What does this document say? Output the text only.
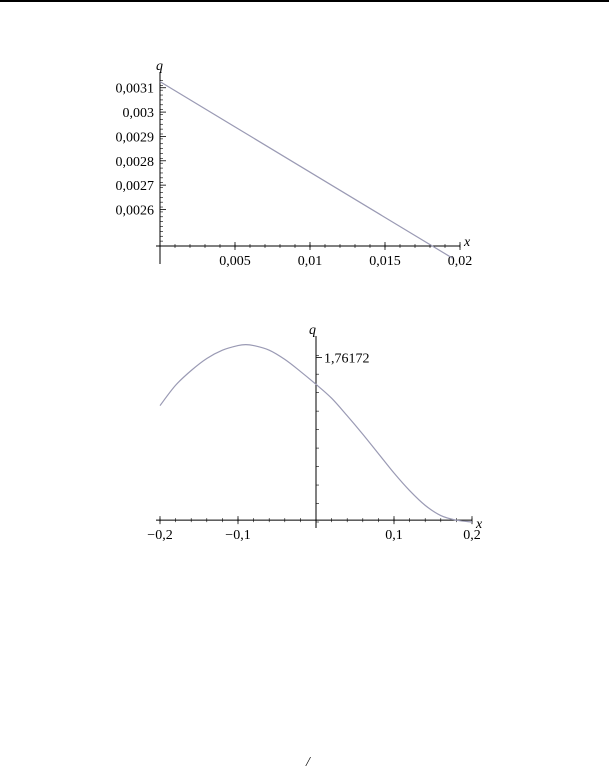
0,005	0,01	0,015	0,02
0,0026
0,0027
0,0028
0,0029
0,003
0,0031
q
x
−0,2	−0,1	0,1	0,2
1,76172
q
x
/
